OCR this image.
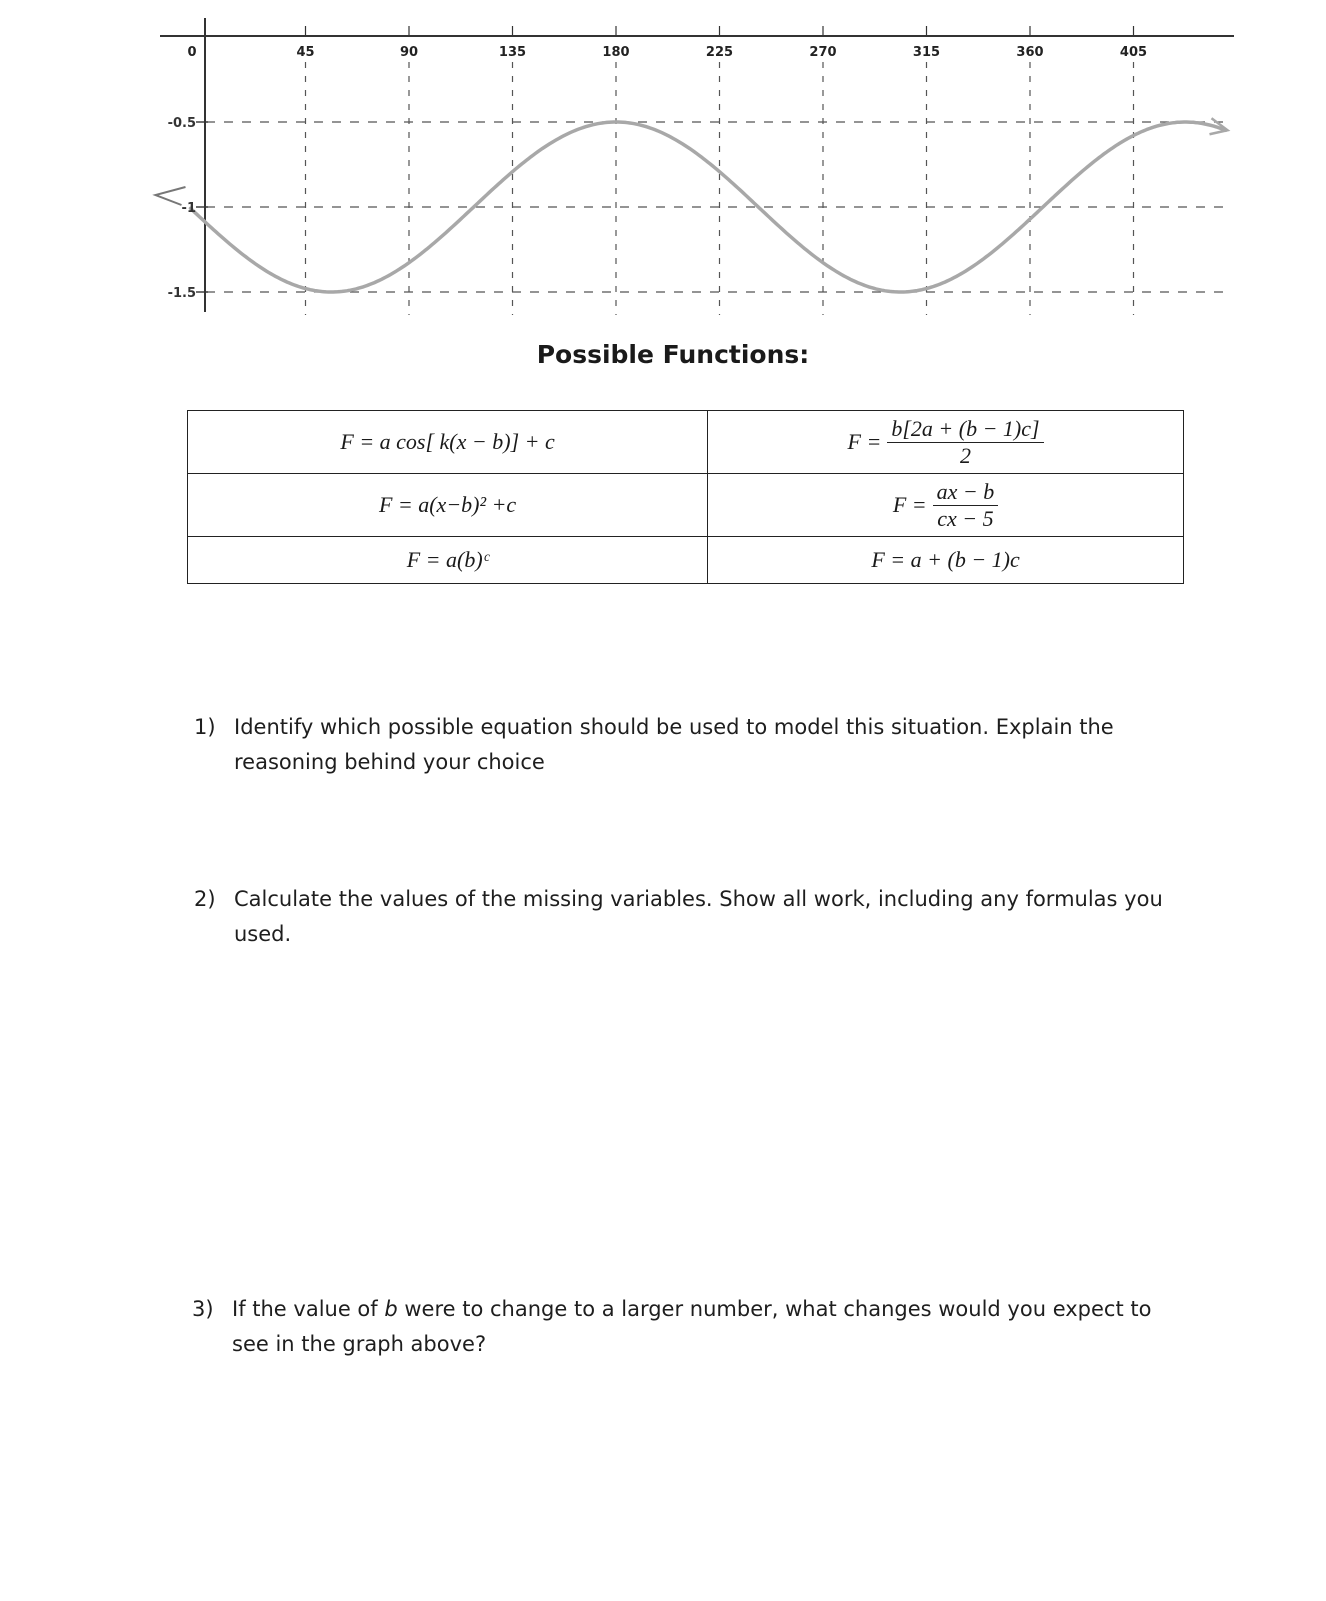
0	45	90	135	180	225	270	315	360	405
-0.5
-1
-1.5
Possible Functions:
F = a cos[ k(x − b)] + c	$F = \frac{b[2a + (b - 1)c]}{2}$

F = a(x−b)² +c	$F = \frac{ax - b}{cx - 5}$

F = a(b)ᶜ	F = a + (b − 1)c
1) Identify which possible equation should be used to model this situation. Explain the reasoning behind your choice
2) Calculate the values of the missing variables. Show all work, including any formulas you used.
3) If the value of b were to change to a larger number, what changes would you expect to see in the graph above?
